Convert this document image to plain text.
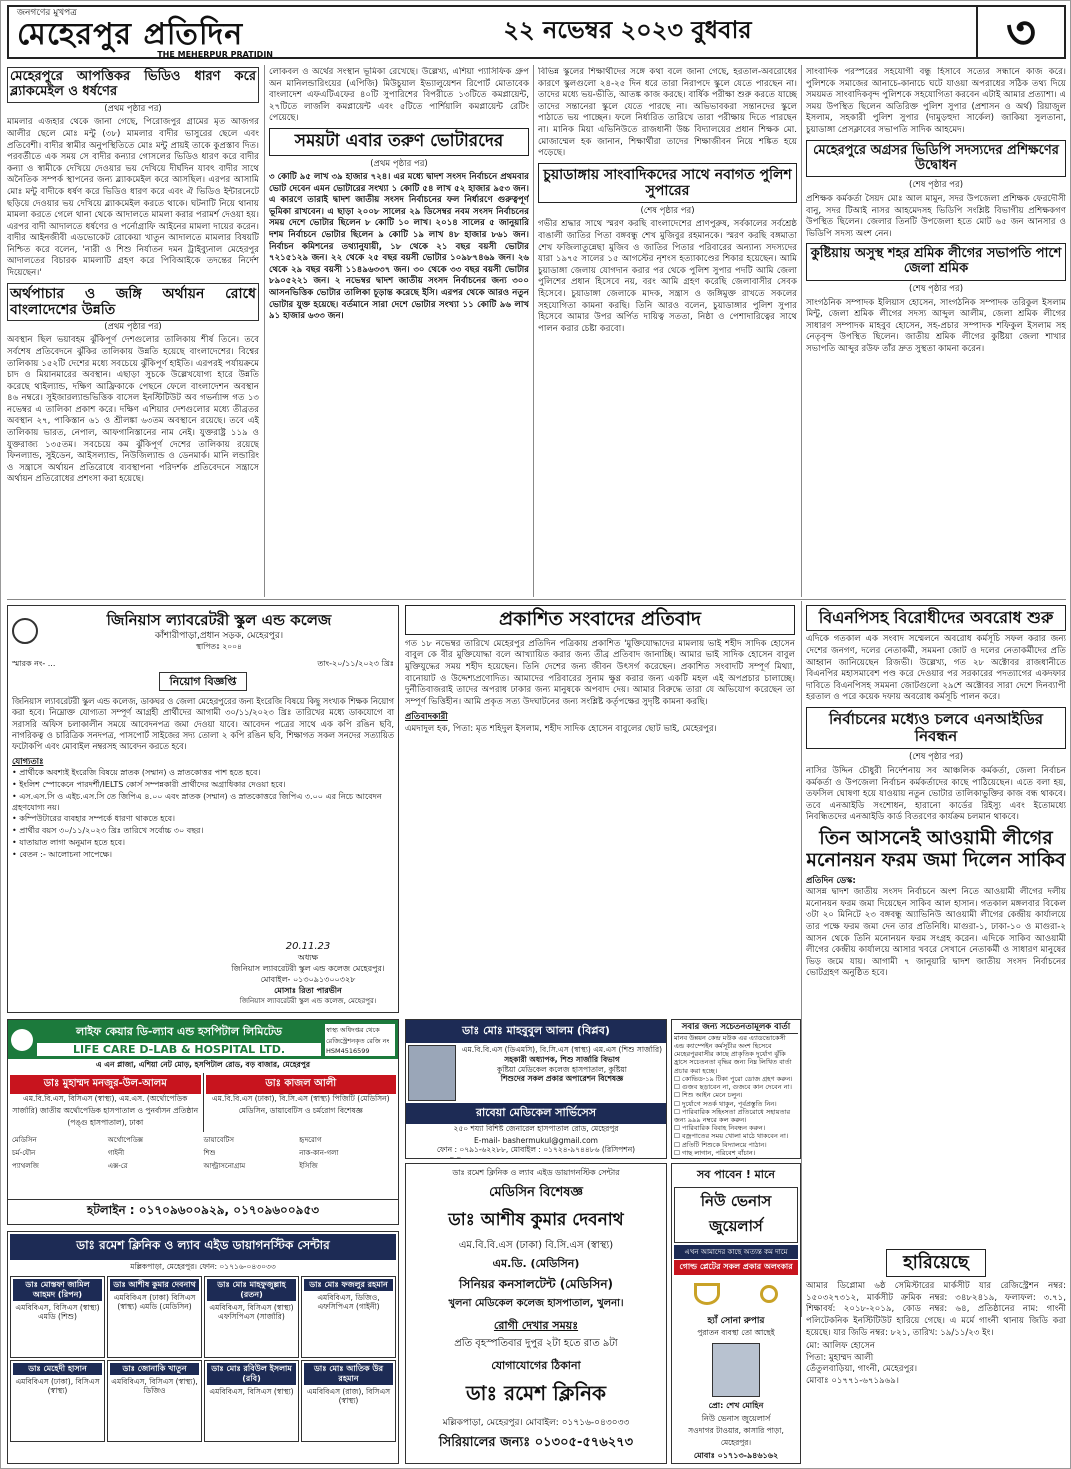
জনগণের মুখপত্র
মেহেরপুর প্রতিদিন
THE MEHERPUR PRATIDIN
২২ নভেম্বর ২০২৩ বুধবার	৩
মেহেরপুরে আপত্তিকর ভিডিও ধারণ করে ব্ল্যাকমেইল ও ধর্ষণের
(প্রথম পৃষ্ঠার পর)
মামলার এজহার থেকে জানা গেছে, পিরোজপুর গ্রামের মৃত আজগর আলীর ছেলে মোঃ মন্টু (৩৮) মামলার বাদীর ভাসুরের ছেলে এবং প্রতিবেশী। বাদীর স্বামীর অনুপস্থিতিতে মোঃ মন্টু প্রায়ই তাকে কুপ্রস্তাব দিত। পরবর্তীতে এক সময় সে বাদীর কন্যার গোসলের ভিডিও ধারণ করে বাদীর কন্যা ও স্বামীকে দেখিয়ে দেওয়ার ভয় দেখিয়ে দীর্ঘদিন যাবৎ বাদীর সাথে অনৈতিক সম্পর্ক স্থাপনের জন্য ব্ল্যাকমেইল করে আসছিল। এরপর আসামি মোঃ মন্টু বাদীকে ধর্ষণ করে ভিডিও ধারণ করে এবং ঐ ভিডিও ইন্টারনেটে ছড়িয়ে দেওয়ার ভয় দেখিয়ে ব্ল্যাকমেইল করতে থাকে। ঘটনাটি নিয়ে থানায় মামলা করতে গেলে থানা থেকে আদালতে মামলা করার পরামর্শ দেওয়া হয়। এরপর বাদী আদালতে ধর্ষণের ও পর্নোগ্রাফি আইনের মামলা দায়ের করেন। বাদীর আইনজীবী এডভোকেট রোকেয়া খাতুন আদালতে মামলার বিষয়টি নিশ্চিত করে বলেন, 'নারী ও শিশু নির্যাতন দমন ট্রাইব্যুনাল মেহেরপুর আদালতের বিচারক মামলাটি গ্রহণ করে পিবিআইকে তদন্তের নির্দেশ দিয়েছেন।'
অর্থপাচার ও জঙ্গি অর্থায়ন রোধে বাংলাদেশের উন্নতি
(প্রথম পৃষ্ঠার পর)
অবস্থান ছিল ভয়াবহম ঝুঁকিপূর্ণ দেশগুলোর তালিকায় শীর্ষ তিনে। তবে সর্বশেষ প্রতিবেদনে ঝুঁকির তালিকায় উন্নতি হয়েছে বাংলাদেশের। বিশ্বের তালিকায় ১৫২টি দেশের মধ্যে সবচেয়ে ঝুঁকিপূর্ণ হাইতি। এরপরই পর্যায়ক্রমে চাদ ও মিয়ানমারের অবস্থান। এছাড়া সুচকে উল্লেখযোগ্য হারে উন্নতি করেছে থাইল্যান্ড, দক্ষিণ আফ্রিকাকে পেছনে ফেলে বাংলাদেশন অবস্থান ৪৬ নম্বরে। সুইজারল্যান্ডভিত্তিক বাসেল ইনস্টিটিউট অব গভর্ন্যান্স গত ১৩ নভেম্বর এ তালিকা প্রকাশ করে। দক্ষিণ এশিয়ার দেশগুলোর মধ্যে তীব্রতর অবস্থান ২৭, পাকিস্তান ৬১ ও শ্রীলঙ্কা ৬৩তম অবস্থানে রয়েছে। তবে এই তালিকায় ভারত, নেপাল, আফগানিস্তানের নাম নেই। যুক্তরাষ্ট্র ১১৯ ও যুক্তরাজ্য ১৩৫তম। সবচেয়ে কম ঝুঁকিপূর্ণ দেশের তালিকায় রয়েছে ফিনল্যান্ড, সুইডেন, আইসল্যান্ড, নিউজিল্যান্ড ও ডেনমার্ক। মানি লন্ডারিং ও সন্ত্রাসে অর্থায়ন প্রতিরোধে ব্যবস্থাপনা পরিদর্শক প্রতিবেদনে সন্ত্রাসে অর্থায়ন প্রতিরোধের প্রশংসা করা হয়েছে।
লোকবল ও অর্থের সংস্থান ভূমিকা রেখেছে। উল্লেখ্য, এশিয়া প্যাসিফিক গ্রুপ অন মানিলন্ডারিংয়ের (এপিজি) মিউচুয়াল ইভ্যালুয়েশন রিপোর্ট মোতাবেক বাংলাদেশ এফএটিএফের ৪০টি সুপারিশের বিপরীতে ১৩টিতে কমপ্লায়েন্ট, ২৭টিতে লার্জলি কমপ্লায়েন্ট এবং ৫টিতে পার্শিয়ালি কমপ্লায়েন্ট রেটিং পেয়েছে।
সময়টা এবার তরুণ ভোটারদের
(প্রথম পৃষ্ঠার পর)
৩ কোটি ৯৫ লাখ ৩৯ হাজার ৭২৪। এর মধ্যে দ্বাদশ সংসদ নির্বাচনে প্রথমবার ভোট দেবেন এমন ভোটারের সংখ্যা ১ কোটি ৫৪ লাখ ৫২ হাজার ৯৫৩ জন। এ কারণে তারাই দ্বাদশ জাতীয় সংসদ নির্বাচনের ফল নির্ধারণে গুরুত্বপূর্ণ ভূমিকা রাখবেন। এ ছাড়া ২০০৮ সালের ২৯ ডিসেম্বর নবম সংসদ নির্বাচনের সময় দেশে ভোটার ছিলেন ৮ কোটি ১০ লাখ। ২০১৪ সালের ৫ জানুয়ারি দশম নির্বাচনে ভোটার ছিলেন ৯ কোটি ১৯ লাখ ৪৮ হাজার ৮৬১ জন। নির্বাচন কমিশনের তথ্যানুযায়ী, ১৮ থেকে ২১ বছর বয়সী ভোটার ৭২১৫১২৯ জন। ২২ থেকে ২৫ বছর বয়সী ভোটার ১০৯৮৭৪৬৯ জন। ২৬ থেকে ২৯ বছর বয়সী ১১৪৯৬৩৩৭ জন। ৩০ থেকে ৩৩ বছর বয়সী ভোটার ৮৯০৫২২১ জন। ২ নভেম্বর দ্বাদশ জাতীয় সংসদ নির্বাচনের জন্য ৩০০ আসনভিত্তিক ভোটার তালিকা চূড়ান্ত করেছে ইসি। এরপর থেকে আরও নতুন ভোটার যুক্ত হয়েছে। বর্তমানে সারা দেশে ভোটার সংখ্যা ১১ কোটি ৯৬ লাখ ৯১ হাজার ৬৩৩ জন।
বিভিন্ন স্কুলের শিক্ষার্থীদের সঙ্গে কথা বলে জানা গেছে, হরতাল-অবরোধের কারণে স্কুলগুলো ২৪-২৫ দিন ধরে তারা নিরাপদে স্কুলে যেতে পারছেন না। তাদের মধ্যে ভয়-ভীতি, আতঙ্ক কাজ করছে। বার্ষিক পরীক্ষা শুরু করতে যাচ্ছে তাদের সন্তানেরা স্কুলে যেতে পারছে না। অভিভাবকরা সন্তানদের স্কুলে পাঠাতে ভয় পাচ্ছেন। ফলে নির্ধারিত তারিখে তারা পরীক্ষায় দিতে পারছেন না। মানিক মিয়া এভিনিউতে রাজধানী উচ্চ বিদ্যালয়ের প্রধান শিক্ষক মো. মোজাম্মেল হক জানান, শিক্ষার্থীরা তাদের শিক্ষাজীবন নিয়ে শঙ্কিত হয়ে পড়েছে।
চুয়াডাঙ্গায় সাংবাদিকদের সাথে নবাগত পুলিশ সুপারের
(শেষ পৃষ্ঠার পর)
গভীর শ্রদ্ধার সাথে স্মরণ করছি বাংলাদেশের প্রাণপুরুষ, সর্বকালের সর্বশ্রেষ্ঠ বাঙালী জাতির পিতা বঙ্গবন্ধু শেখ মুজিবুর রহমানকে। স্মরণ করছি বঙ্গমাতা শেখ ফজিলাতুন্নেছা মুজিব ও জাতির পিতার পরিবারের অন্যান্য সদস্যদের যারা ১৯৭৫ সালের ১৫ আগস্টের নৃশংস হত্যাকাণ্ডের শিকার হয়েছেন। আমি চুয়াডাঙ্গা জেলায় যোগদান করার পর থেকে পুলিশ সুপার পদটি আমি জেলা পুলিশের প্রধান হিসেবে নয়, বরং আমি গ্রহণ করেছি জেলাবাসীর সেবক হিসেবে। চুয়াডাঙ্গা জেলাকে মাদক, সন্ত্রাস ও জঙ্গিমুক্ত রাখতে সকলের সহযোগিতা কামনা করছি। তিনি আরও বলেন, চুয়াডাঙ্গার পুলিশ সুপার হিসেবে আমার উপর অর্পিত দায়িত্ব সততা, নিষ্ঠা ও পেশাদারিত্বের সাথে পালন করার চেষ্টা করবো।
সাংবাদিক পরস্পরের সহযোগী বন্ধু হিসাবে সত্যের সন্ধানে কাজ করে। পুলিশকে সমাজের আনাচে-কানাচে ঘটে যাওয়া অপরাধের সঠিক তথ্য দিয়ে সময়মত সাংবাদিকবৃন্দ পুলিশকে সহযোগিতা করবেন এটাই আমার প্রত্যাশা। এ সময় উপস্থিত ছিলেন অতিরিক্ত পুলিশ সুপার (প্রশাসন ও অর্থ) রিয়াজুল ইসলাম, সহকারী পুলিশ সুপার (দামুড়হুদা সার্কেল) জাকিয়া সুলতানা, চুয়াডাঙ্গা প্রেসক্লাবের সভাপতি সাদিক আহমেদ।
মেহেরপুরে অগ্রসর ভিডিপি সদস্যদের প্রশিক্ষণের উদ্বোধন
(শেষ পৃষ্ঠার পর)
প্রশিক্ষক কর্মকর্তা সৈয়দ মোঃ আল মামুন, সদর উপজেলা প্রশিক্ষক ফেরদৌসী বানু, সদর টিআই নাসর আহমেদসহ ভিডিপি সংশ্লিষ্ট বিভাগীয় প্রশিক্ষকগণ উপস্থিত ছিলেন। জেলার তিনটি উপজেলা হতে মোট ৬৫ জন আনসার ও ভিডিপি সদস্য অংশ নেন।
কুষ্টিয়ায় অসুস্থ শহর শ্রমিক লীগের সভাপতি পাশে জেলা শ্রমিক
(শেষ পৃষ্ঠার পর)
সাংগঠনিক সম্পাদক ইলিয়াস হোসেন, সাংগঠনিক সম্পাদক তরিকুল ইসলাম মিন্টু, জেলা শ্রমিক লীগের সদস্য আব্দুল আলীম, জেলা শ্রমিক লীগের সাধারণ সম্পাদক মাহবুব হোসেন, সহ-প্রচার সম্পাদক শফিকুল ইসলাম সহ নেতৃবৃন্দ উপস্থিত ছিলেন। জাতীয় শ্রমিক লীগের কুষ্টিয়া জেলা শাখার সভাপতি আব্দুর রউফ তাঁর দ্রুত সুস্থতা কামনা করেন।
জিনিয়াস ল্যাবরেটরী স্কুল এন্ড কলেজ
কাঁশারীপাড়া,প্রধান সড়ক, মেহেরপুর।
স্থাপিতঃ ২০০৪
স্মারক নং- ...	তাং-২০/১১/২০২৩ খ্রিঃ
নিয়োগ বিজ্ঞপ্তি
জিনিয়াস ল্যাবরেটরী স্কুল এন্ড কলেজ, ডাকঘর ও জেলা মেহেরপুরের জন্য ইংরেজি বিষয়ে কিছু সংখ্যক শিক্ষক নিয়োগ করা হবে। নিম্নোক্ত যোগ্যতা সম্পূর্ণ আগ্রহী প্রার্থীদের আগামী ৩০/১১/২০২৩ খ্রিঃ তারিখের মধ্যে ডাকযোগে বা সরাসরি অফিস চলাকালীন সময়ে আবেদনপত্র জমা দেওয়া যাবে। আবেদন পত্রের সাথে এক কপি রঙিন ছবি, নাগরিকত্ব ও চারিত্রিক সনদপত্র, পাসপোর্ট সাইজের সদ্য তোলা ২ কপি রঙিন ছবি, শিক্ষাগত সকল সনদের সত্যায়িত ফটোকপি এবং মোবাইল নম্বরসহ আবেদন করতে হবে।
যোগ্যতাঃ
• প্রার্থীকে অবশ্যই ইংরেজি বিষয়ে স্নাতক (সম্মান) ও স্নাতকোত্তর পাশ হতে হবে।
• ইংলিশ স্পোকেনে পারদর্শী/IELTS কোর্স সম্পন্নকারী প্রার্থীদের অগ্রাধিকার দেওয়া হবে।
• এস.এস.সি ও এইচ.এস.সি তে জিপিএ ৪.০০ এবং স্নাতক (সম্মান) ও স্নাতকোত্তরে জিপিএ ৩.০০ এর নিচে আবেদন গ্রহণযোগ্য নয়।
• কম্পিউটারের ব্যবহার সম্পর্কে ধারণা থাকতে হবে।
• প্রার্থীর বয়স ৩০/১১/২০২৩ খ্রিঃ তারিখে সর্বোচ্চ ৩০ বছর।
• যাতায়াত লাগা অনুমান হতে হবে।
• বেতন :- আলোচনা সাপেক্ষে।
20.11.23
অধ্যক্ষ
জিনিয়াস ল্যাবরেটরী স্কুল এন্ড কলেজ মেহেরপুর।
মোবাইল- ০১৩০৯১৩০০৩২৮
মোসাঃ রিতা পারভীন
জিনিয়াস ল্যাবরেটরী স্কুল এন্ড কলেজ, মেহেরপুর।
প্রকাশিত সংবাদের প্রতিবাদ
গত ১৮ নভেম্বর তারিখে মেহেরপুর প্রতিদিন পত্রিকায় প্রকাশিত 'মুক্তিযোদ্ধাদের মামলায় ভাই শহীদ সাদিক হোসেন বাবুল কে বীর মুক্তিযোদ্ধা বলে আখ্যায়িত করার জন্য তীব্র প্রতিবাদ জানাচ্ছি। আমার ভাই সাদিক হোসেন বাবুল মুক্তিযুদ্ধের সময় শহীদ হয়েছেন। তিনি দেশের জন্য জীবন উৎসর্গ করেছেন। প্রকাশিত সংবাদটি সম্পূর্ণ মিথ্যা, বানোয়াট ও উদ্দেশ্যপ্রণোদিত। আমাদের পরিবারের সুনাম ক্ষুণ্ণ করার জন্য একটি মহল এই অপপ্রচার চালাচ্ছে। দুর্নীতিবাজরাই তাদের অপরাধ ঢাকার জন্য মানুষকে অপবাদ দেয়। আমার বিরুদ্ধে তারা যে অভিযোগ করেছেন তা সম্পূর্ণ ভিত্তিহীন। আমি প্রকৃত সত্য উদঘাটনের জন্য সংশ্লিষ্ট কর্তৃপক্ষের সুদৃষ্টি কামনা করছি।
প্রতিবাদকারী
এমদাদুল হক, পিতা: মৃত শহিদুল ইসলাম, শহীদ সাদিক হোসেন বাবুলের ছোট ভাই, মেহেরপুর।
বিএনপিসহ বিরোধীদের অবরোধ শুরু
এদিকে গতকাল এক সংবাদ সম্মেলনে অবরোধ কর্মসূচি সফল করার জন্য দেশের জনগণ, দলের নেতাকর্মী, সমমনা জোট ও দলের নেতাকর্মীদের প্রতি আহ্বান জানিয়েছেন রিজভী। উল্লেখ্য, গত ২৮ অক্টোবর রাজধানীতে বিএনপির মহাসমাবেশ পণ্ড করে দেওয়ার পর সরকারের পদত্যাগের একদফার দাবিতে বিএনপিসহ সমমনা জোটগুলো ২৯শে অক্টোবর সারা দেশে দিনব্যাপী হরতাল ও পরে কয়েক দফায় অবরোধ কর্মসূচি পালন করে।
নির্বাচনের মধ্যেও চলবে এনআইডির নিবন্ধন
(শেষ পৃষ্ঠার পর)
নাসির উদ্দিন চৌধুরী নির্দেশনায় সব আঞ্চলিক কর্মকর্তা, জেলা নির্বাচন কর্মকর্তা ও উপজেলা নির্বাচন কর্মকর্তাদের কাছে পাঠিয়েছেন। এতে বলা হয়, তফসিল ঘোষণা হয়ে যাওয়ায় নতুন ভোটার তালিকাভুক্তির কাজ বন্ধ থাকবে। তবে এনআইডি সংশোধন, হারানো কার্ডের রিইস্যু এবং ইতোমধ্যে নিবন্ধিতদের এনআইডি কার্ড বিতরণের কার্যক্রম চলমান থাকবে।
তিন আসনেই আওয়ামী লীগের মনোনয়ন ফরম জমা দিলেন সাকিব
প্রতিদিন ডেস্ক:
আসন্ন দ্বাদশ জাতীয় সংসদ নির্বাচনে অংশ নিতে আওয়ামী লীগের দলীয় মনোনয়ন ফরম জমা দিয়েছেন সাকিব আল হাসান। গতকাল মঙ্গলবার বিকেল ৩টা ২০ মিনিটে ২৩ বঙ্গবন্ধু অ্যাভিনিউ আওয়ামী লীগের কেন্দ্রীয় কার্যালয়ে তার পক্ষে ফরম জমা দেন তার প্রতিনিধি। মাগুরা-১, ঢাকা-১০ ও মাগুরা-২ আসন থেকে তিনি মনোনয়ন ফরম সংগ্রহ করেন। এদিকে সাকিব আওয়ামী লীগের কেন্দ্রীয় কার্যালয়ে আসার খবরে সেখানে নেতাকর্মী ও সাধারণ মানুষের ভিড় জমে যায়। আগামী ৭ জানুয়ারি দ্বাদশ জাতীয় সংসদ নির্বাচনের ভোটগ্রহণ অনুষ্ঠিত হবে।
হারিয়েছে
আমার ডিপ্লোমা ৬ষ্ঠ সেমিস্টারের মার্কসীট যার রেজিস্ট্রেশন নম্বর: ১৫০৩২৭৩১২, মার্কসীট ক্রমিক নম্বর: ৩৪৮২৪১৯, ফলাফল: ৩.৭১, শিক্ষাবর্ষ: ২০১৮-২০১৯, কোড নম্বর: ৬৪, প্রতিষ্ঠানের নাম: গাংনী পলিটেকনিক ইনস্টিটিউট হারিয়ে গেছে। এ মর্মে গাংনী থানায় জিডি করা হয়েছে। যার জিডি নম্বর: ৮২১, তারিখ: ১৯/১১/২৩ ইং।
মো: আলিফ হোসেন
পিতা: মুহাম্মদ আলী
তেঁতুলবাড়িয়া, গাংনী, মেহেরপুর।
মোবাঃ ০১৭৭১-৬৭১৯৬৯।
লাইফ কেয়ার ডি-ল্যাব এন্ড হসপিটাল লিমিটেড
LIFE CARE D-LAB & HOSPITAL LTD.
স্বাস্থ্য অধিদপ্তর থেকে রেজিস্ট্রেশনকৃত রেজি নং HSM4516599
এ এন প্লাজা, এশিয়া নেট মোড়, হসপিটাল রোড, বড় বাজার, মেহেরপুর
ডাঃ মুহাম্মদ মনজুর-উল-আলম
এম.বি.বি.এস, বিসিএস (স্বাস্থ্য), এম.এস. (অর্থোপেডিক সার্জারি) জাতীয় অর্থোপেডিক হাসপাতাল ও পুনর্বাসন প্রতিষ্ঠান (পঙ্গু হাসপাতাল), ঢাকা
ডাঃ কাজল আলী
এম.বি.বি.এস (ঢাকা), বি.সি.এস (স্বাস্থ্য) পিজিটি (মেডিসিন) মেডিসিন, ডায়াবেটিস ও চর্মরোগ বিশেষজ্ঞ
মেডিসিন	অর্থোপেডিক্স	ডায়াবেটিস	হৃদরোগ
চর্ম-যৌন	গাইনী	শিশু	নাক-কান-গলা
প্যাথলজি	এক্স-রে	আল্ট্রাসনোগ্রাম	ইসিজি
হটলাইন : ০১৭০৯৬০০৯২৯, ০১৭০৯৬০০৯৫৩
ডাঃ রমেশ ক্লিনিক ও ল্যাব এইড ডায়াগনস্টিক সেন্টার
মল্লিকপাড়া, মেহেরপুর। ফোন: ০১৭১৬-০৪৩০৩৩
ডাঃ মোস্তফা জামিল আহমদ (রিপন)
এমবিবিএস, বিসিএস (স্বাস্থ্য) এমডি (শিশু)
ডাঃ আশীষ কুমার দেবনাথ
এমবিবিএস (ঢাকা) বিসিএস (স্বাস্থ্য) এমডি (মেডিসিন)
ডাঃ মোঃ মাহফুজুল্লাহ (রতন)
এমবিবিএস, বিসিএস (স্বাস্থ্য) এফসিপিএস (সার্জারি)
ডাঃ মোঃ ফজলুর রহমান
এমবিবিএস, ডিজিও, এফসিপিএস (গাইনী)
ডাঃ মেহেদী হাসান
এমবিবিএস (ঢাকা), বিসিএস (স্বাস্থ্য)
ডাঃ জোনাকি খাতুন
এমবিবিএস, বিসিএস (স্বাস্থ্য), ডিজিও
ডাঃ মোঃ রবিউল ইসলাম (রবি)
এমবিবিএস, বিসিএস (স্বাস্থ্য)
ডাঃ মোঃ আতিক উর রহমান
এমবিবিএস (রাজ), বিসিএস (স্বাস্থ্য)
ডাঃ মোঃ মাহবুবুল আলম (বিপ্লব)
এম.বি.বি.এস (ডিএমসি), বি.সি.এস (স্বাস্থ্য) এম.এস (শিশু সার্জারি)
সহকারী অধ্যাপক, শিশু সার্জারি বিভাগ
কুষ্টিয়া মেডিকেল কলেজ হাসপাতাল, কুষ্টিয়া
শিশুদের সকল প্রকার অপারেশন বিশেষজ্ঞ
রাবেয়া মেডিকেল সার্ভিসেস
২৫০ শয্যা বিশিষ্ট জেনারেল হাসপাতাল রোড, মেহেরপুর
E-mail- bashermukul@gmail.com
ফোন : ০৭৯১-৬২২৮৮, মোবাইল : ০১৭২৪-৯৭৪৪৮৬ (রিসিপশন)
সবার জন্য সচেতনতামূলক বার্তা
মানব উন্নয়ন কেন্দ্র মউক এর এ্যাডভোকেসী এন্ড ক্যাম্পেইন কর্মসূচীর অংশ হিসেবে মেহেরপুরবাসীর কাছে প্রাকৃতিক দুর্যোগ ঝুঁকি হ্রাসে সচেতনতা বৃদ্ধির জন্য নিম্ন লিখিত বার্তা প্রচার করা হচ্ছে।
☐ কোভিড-১৯ টিকা পুরো ডোজ গ্রহণ করুন।
☐ গুজব ছড়াবেন না, গুজবে কান দেবেন না।
☐ শিশু আইন মেনে চলুন।
☐ দুর্যোগে সতর্ক থাকুন, পূর্বপ্রস্তুতি নিন।
☐ পারিবারিক সহিংসতা প্রতিরোধে সহায়তার জন্য ৯৯৯ নম্বরে কল করুন।
☐ পারিবারিক বিবাহ নিবন্ধন করুন।
☐ বজ্রপাতের সময় খোলা মাঠে থাকবেন না।
☐ প্রতিটি শিশুকে বিদ্যালয়ে পাঠান।
☐ গাছ লাগান, পরিবেশ বাঁচান।
ডাঃ রমেশ ক্লিনিক ও ল্যাব এইড ডায়াগনস্টিক সেন্টার
মেডিসিন বিশেষজ্ঞ
ডাঃ আশীষ কুমার দেবনাথ
এম.বি.বি.এস (ঢাকা) বি.সি.এস (স্বাস্থ্য)
এম.ডি. (মেডিসিন)
সিনিয়র কনসালটেন্ট (মেডিসিন)
খুলনা মেডিকেল কলেজ হাসপাতাল, খুলনা।
রোগী দেখার সময়ঃ
প্রতি বৃহস্পতিবার দুপুর ২টা হতে রাত ৯টা
যোগাযোগের ঠিকানা
ডাঃ রমেশ ক্লিনিক
মল্লিকপাড়া, মেহেরপুর। মোবাইল: ০১৭১৬-০৪৩০৩৩
সিরিয়ালের জন্যঃ ০১৩০৫-৫৭৬২৭৩
সব পাবেন ! মানে
নিউ ভেনাস জুয়েলার্স
এখন আমাদের কাছে অত্যন্ত কম দামে
গোল্ড প্লেটের সকল প্রকার অলংকার
হ্যাঁ সোনা রুপার
পুরাতন ব্যবস্থা তো আছেই
প্রো: শেখ মোহিন
নিউ ভেনাস জুয়েলার্স
সওদাগর টাওয়ার, কাসারি পাড়া, মেহেরপুর।
মোবাঃ ০১৭১৩-৯৪৬১৬২
